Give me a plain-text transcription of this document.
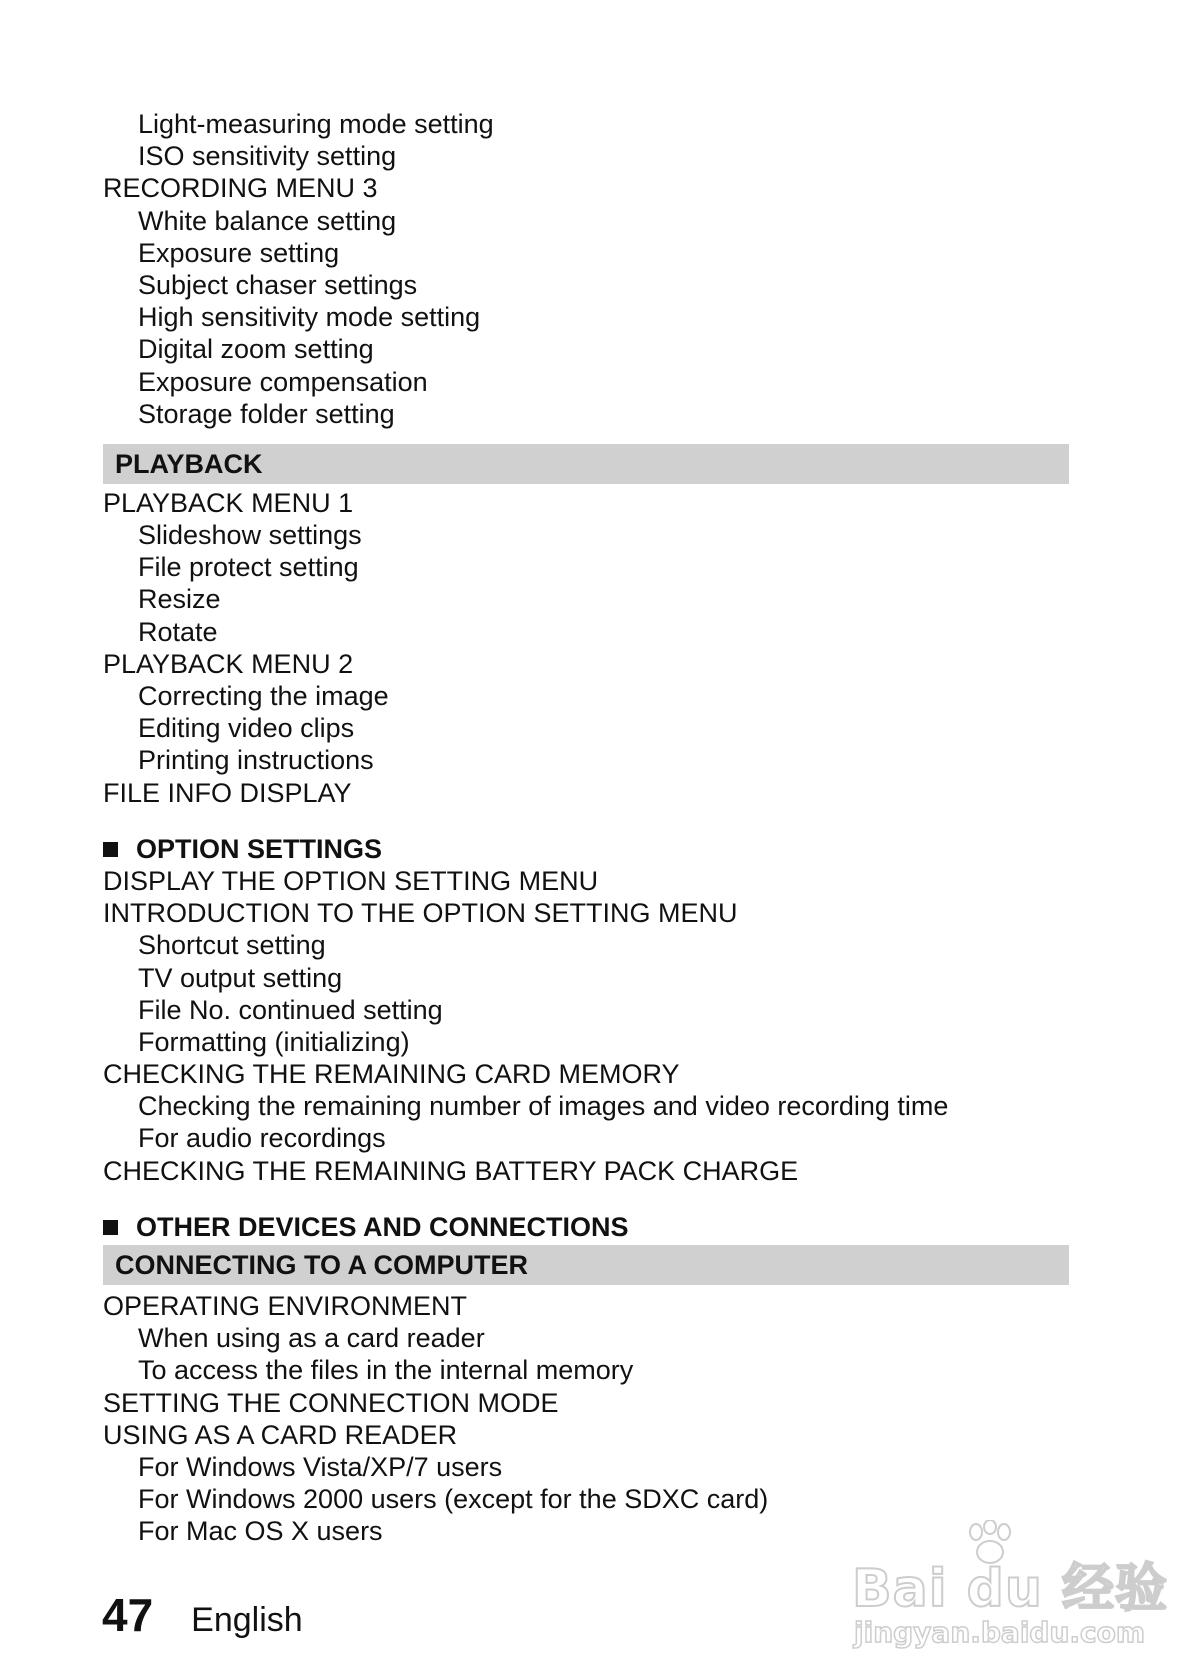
Light-measuring mode setting
ISO sensitivity setting
RECORDING MENU 3
White balance setting
Exposure setting
Subject chaser settings
High sensitivity mode setting
Digital zoom setting
Exposure compensation
Storage folder setting
PLAYBACK
PLAYBACK MENU 1
Slideshow settings
File protect setting
Resize
Rotate
PLAYBACK MENU 2
Correcting the image
Editing video clips
Printing instructions
FILE INFO DISPLAY
OPTION SETTINGS
DISPLAY THE OPTION SETTING MENU
INTRODUCTION TO THE OPTION SETTING MENU
Shortcut setting
TV output setting
File No. continued setting
Formatting (initializing)
CHECKING THE REMAINING CARD MEMORY
Checking the remaining number of images and video recording time
For audio recordings
CHECKING THE REMAINING BATTERY PACK CHARGE
OTHER DEVICES AND CONNECTIONS
CONNECTING TO A COMPUTER
OPERATING ENVIRONMENT
When using as a card reader
To access the files in the internal memory
SETTING THE CONNECTION MODE
USING AS A CARD READER
For Windows Vista/XP/7 users
For Windows 2000 users (except for the SDXC card)
For Mac OS X users
47 English
Bai du 经验
jingyan.baidu.com
